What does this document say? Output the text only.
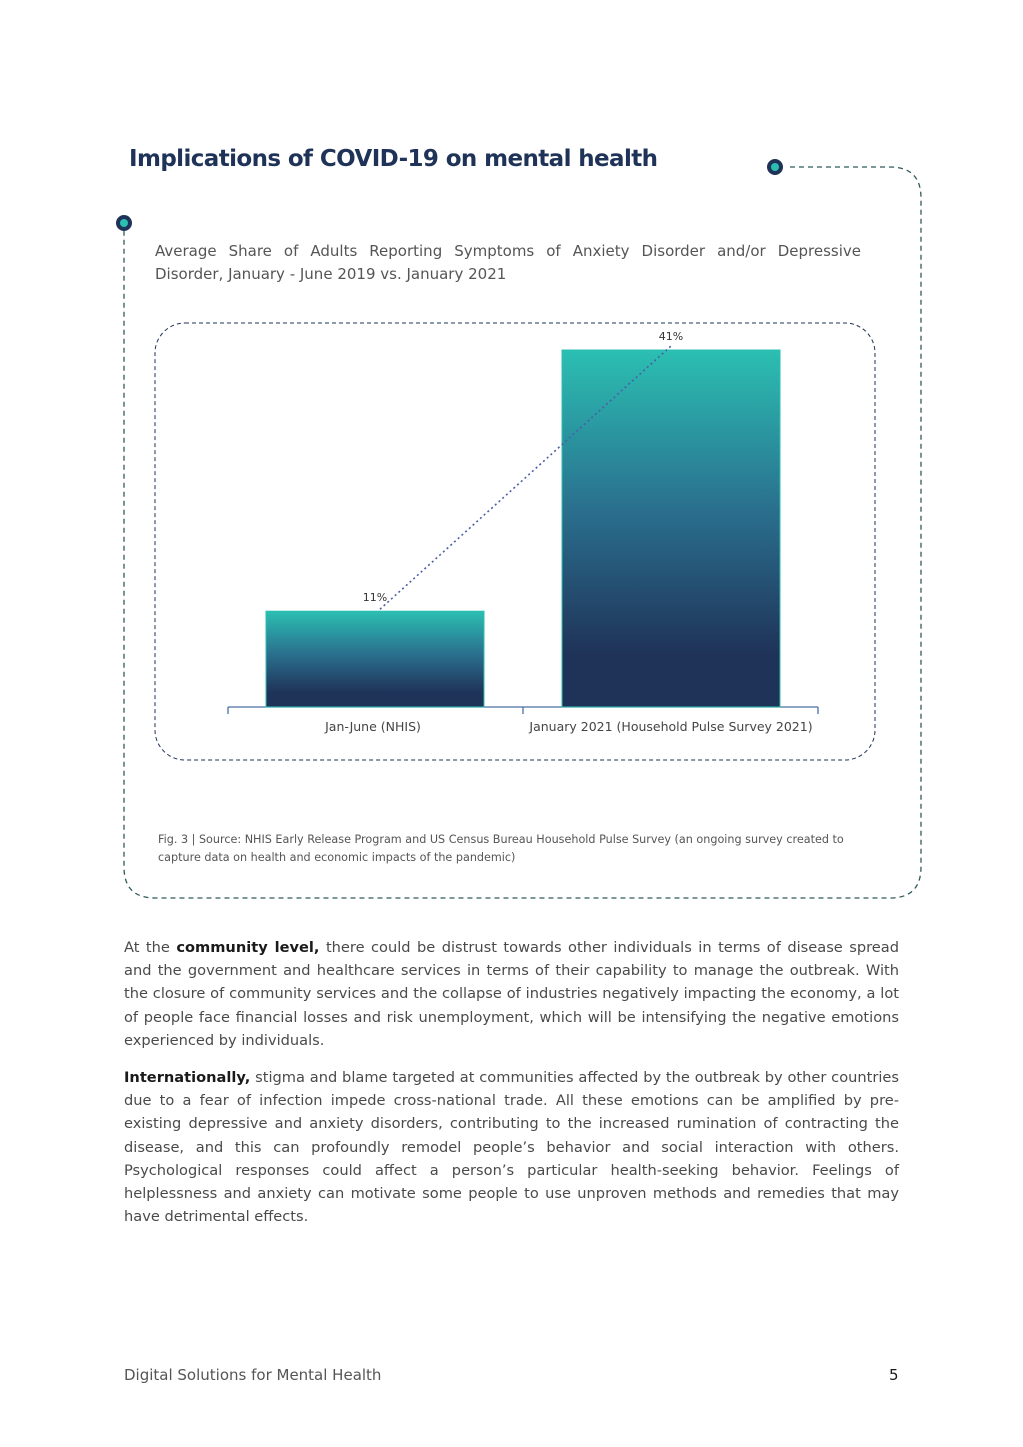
Implications of COVID-19 on mental health
Average Share of Adults Reporting Symptoms of Anxiety Disorder and/or Depressive Disorder, January - June 2019 vs. January 2021
11%
Jan-June (NHIS)
41%
January 2021 (Household Pulse Survey 2021)
Fig. 3 | Source: NHIS Early Release Program and US Census Bureau Household Pulse Survey (an ongoing survey created to capture data on health and economic impacts of the pandemic)

At the community level, there could be distrust towards other individuals in terms of disease spread and the government and healthcare services in terms of their capability to manage the outbreak. With the closure of community services and the collapse of industries negatively impacting the economy, a lot of people face financial losses and risk unemployment, which will be intensifying the negative emotions experienced by individuals.

Internationally, stigma and blame targeted at communities affected by the outbreak by other countries due to a fear of infection impede cross-national trade. All these emotions can be amplified by pre-existing depressive and anxiety disorders, contributing to the increased rumination of contracting the disease, and this can profoundly remodel people’s behavior and social interaction with others. Psychological responses could affect a person’s particular health-seeking behavior. Feelings of helplessness and anxiety can motivate some people to use unproven methods and remedies that may have detrimental effects.

Digital Solutions for Mental Health	5
